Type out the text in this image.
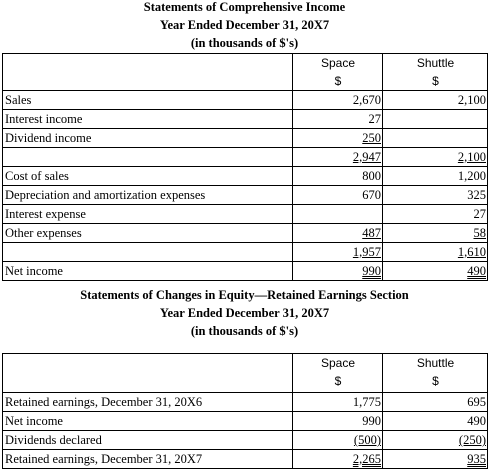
Statements of Comprehensive Income
Year Ended December 31, 20X7
(in thousands of $'s)

	Space
$	Shuttle
$

Sales	2,670	2,100
Interest income	27	
Dividend income	250	
	2,947	2,100
Cost of sales	800	1,200
Depreciation and amortization expenses	670	325
Interest expense		27
Other expenses	487	58
	1,957	1,610
Net income	990	490
Statements of Changes in Equity—Retained Earnings Section
Year Ended December 31, 20X7
(in thousands of $'s)

	Space
$	Shuttle
$

Retained earnings, December 31, 20X6	1,775	695
Net income	990	490
Dividends declared	(500)	(250)
Retained earnings, December 31, 20X7	2,265	935
